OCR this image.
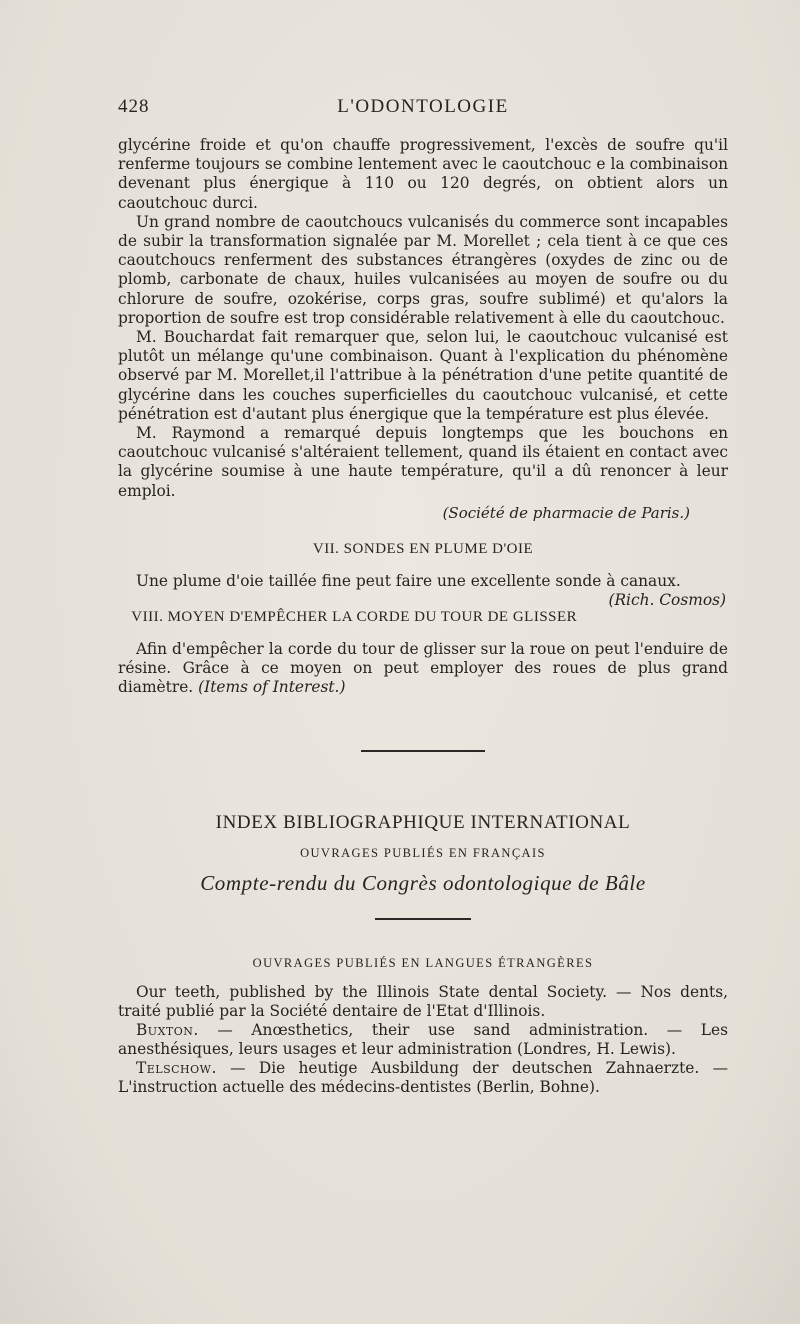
428	L'ODONTOLOGIE

glycérine froide et qu'on chauffe progressivement, l'excès de soufre qu'il renferme toujours se combine lentement avec le caoutchouc e la combinaison devenant plus énergique à 110 ou 120 degrés, on obtient alors un caoutchouc durci.

Un grand nombre de caoutchoucs vulcanisés du commerce sont incapables de subir la transformation signalée par M. Morellet ; cela tient à ce que ces caoutchoucs renferment des substances étrangères (oxydes de zinc ou de plomb, carbonate de chaux, huiles vulcanisées au moyen de soufre ou du chlorure de soufre, ozokérise, corps gras, soufre sublimé) et qu'alors la proportion de soufre est trop considérable relativement à elle du caoutchouc.

M. Bouchardat fait remarquer que, selon lui, le caoutchouc vulcanisé est plutôt un mélange qu'une combinaison. Quant à l'explication du phénomène observé par M. Morellet,il l'attribue à la pénétration d'une petite quantité de glycérine dans les couches superficielles du caoutchouc vulcanisé, et cette pénétration est d'autant plus énergique que la température est plus élevée.

M. Raymond a remarqué depuis longtemps que les bouchons en caoutchouc vulcanisé s'altéraient tellement, quand ils étaient en contact avec la glycérine soumise à une haute température, qu'il a dû renoncer à leur emploi.

(Société de pharmacie de Paris.)

VII. SONDES EN PLUME D'OIE

Une plume d'oie taillée fine peut faire une excellente sonde à canaux.
(Rich. Cosmos)

VIII. MOYEN D'EMPÊCHER LA CORDE DU TOUR DE GLISSER

Afin d'empêcher la corde du tour de glisser sur la roue on peut l'enduire de résine. Grâce à ce moyen on peut employer des roues de plus grand diamètre. (Items of Interest.)

INDEX BIBLIOGRAPHIQUE INTERNATIONAL
OUVRAGES PUBLIÉS EN FRANÇAIS
Compte-rendu du Congrès odontologique de Bâle
OUVRAGES PUBLIÉS EN LANGUES ÉTRANGÈRES

Our teeth, published by the Illinois State dental Society. — Nos dents, traité publié par la Société dentaire de l'Etat d'Illinois.

Buxton. — Anœsthetics, their use sand administration. — Les anesthésiques, leurs usages et leur administration (Londres, H. Lewis).

Telschow. — Die heutige Ausbildung der deutschen Zahnaerzte. — L'instruction actuelle des médecins-dentistes (Berlin, Bohne).
